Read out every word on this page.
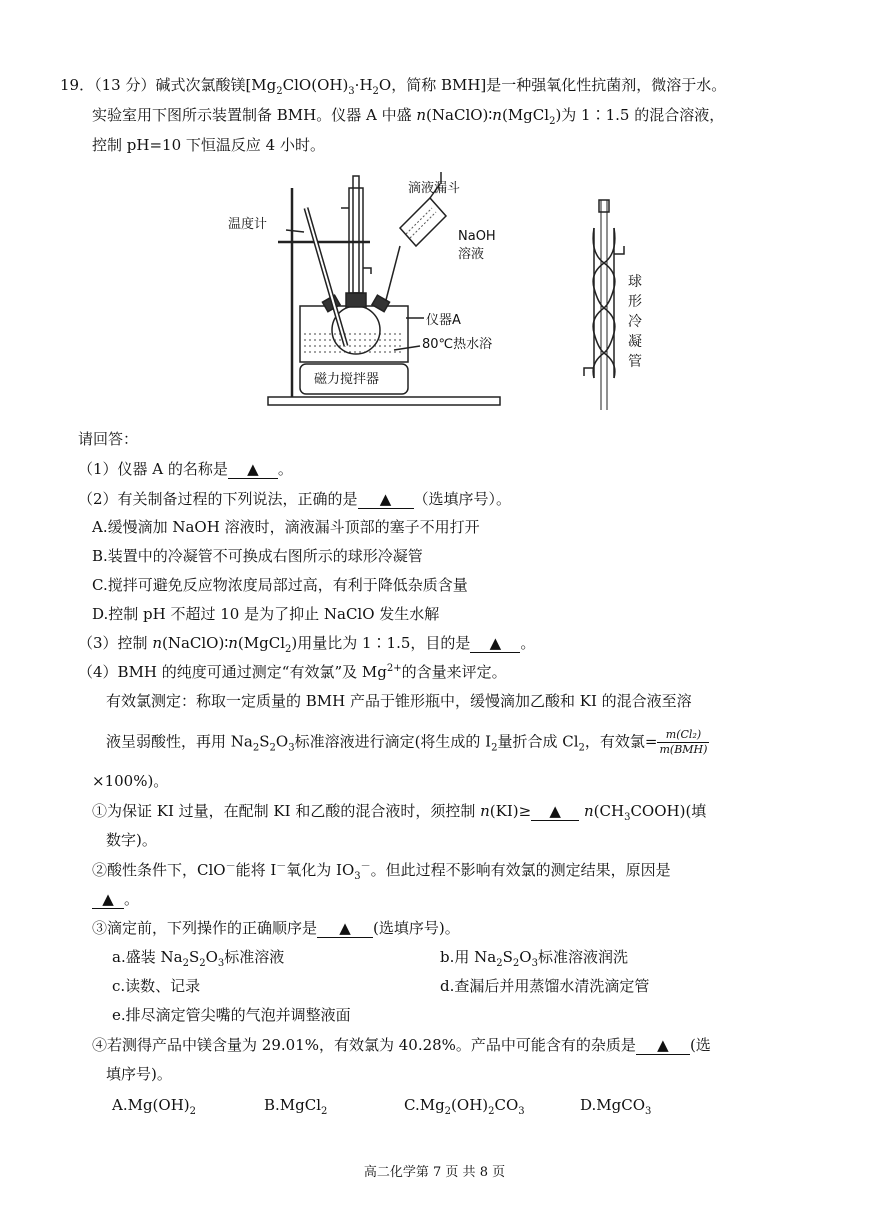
19．（13 分）碱式次氯酸镁[$Mg_2ClO(OH)_3\cdot H_2O$，简称 BMH]是一种强氧化性抗菌剂，微溶于水。
实验室用下图所示装置制备 BMH。仪器 A 中盛 n(NaClO)∶n(MgCl$_2$)为 1∶1.5 的混合溶液，
控制 pH=10 下恒温反应 4 小时。
温度计
滴液漏斗
NaOH
溶液
仪器A
80℃热水浴
磁力搅拌器
球
形
冷
凝
管
请回答：
（1）仪器 A 的名称是 ▲ 。
（2）有关制备过程的下列说法，正确的是 ▲ （选填序号）。
A.缓慢滴加 NaOH 溶液时，滴液漏斗顶部的塞子不用打开
B.装置中的冷凝管不可换成右图所示的球形冷凝管
C.搅拌可避免反应物浓度局部过高，有利于降低杂质含量
D.控制 pH 不超过 10 是为了抑止 NaClO 发生水解
（3）控制 n(NaClO)∶n(MgCl$_2$)用量比为 1∶1.5，目的是 ▲ 。
（4）BMH 的纯度可通过测定“有效氯”及 $Mg^{2+}$的含量来评定。
有效氯测定：称取一定质量的 BMH 产品于锥形瓶中，缓慢滴加乙酸和 KI 的混合液至溶
液呈弱酸性，再用 $Na_2S_2O_3$标准溶液进行滴定(将生成的 $I_2$量折合成 $Cl_2$，有效氯= $\frac{\text{m(Cl₂)}}{\text{m(BMH)}}$
×100%)。
①为保证 KI 过量，在配制 KI 和乙酸的混合液时，须控制 n(KI)≥ ▲ $n(CH_3COOH)$(填
数字)。
②酸性条件下，ClO－能将 I－氧化为 $IO_3^-$。但此过程不影响有效氯的测定结果，原因是
▲ 。
③滴定前，下列操作的正确顺序是 ▲ (选填序号)。
a.盛装 $Na_2S_2O_3$标准溶液	b.用 $Na_2S_2O_3$标准溶液润洗
c.读数、记录	d.查漏后并用蒸馏水清洗滴定管
e.排尽滴定管尖嘴的气泡并调整液面
④若测得产品中镁含量为 29.01%，有效氯为 40.28%。产品中可能含有的杂质是 ▲ (选
填序号)。
$A.Mg(OH)_2$	B.MgCl$_2$	$C.Mg_2(OH)_2CO_3$	D.MgCO$_3$
高二化学第 7 页 共 8 页
